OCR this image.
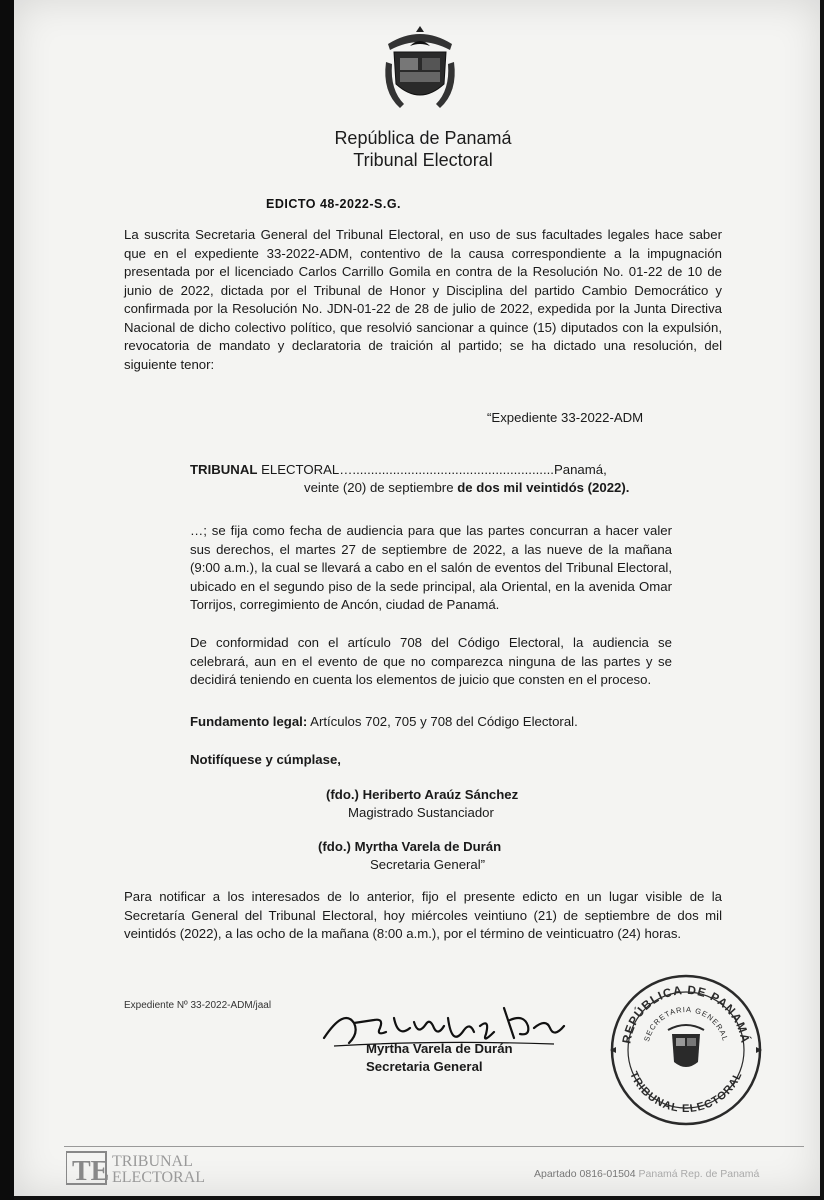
República de Panamá
Tribunal Electoral
EDICTO 48-2022-S.G.
La suscrita Secretaria General del Tribunal Electoral, en uso de sus facultades legales hace saber que en el expediente 33-2022-ADM, contentivo de la causa correspondiente a la impugnación presentada por el licenciado Carlos Carrillo Gomila en contra de la Resolución No. 01-22 de 10 de junio de 2022, dictada por el Tribunal de Honor y Disciplina del partido Cambio Democrático y confirmada por la Resolución No. JDN-01-22 de 28 de julio de 2022, expedida por la Junta Directiva Nacional de dicho colectivo político, que resolvió sancionar a quince (15) diputados con la expulsión, revocatoria de mandato y declaratoria de traición al partido; se ha dictado una resolución, del siguiente tenor:
“Expediente 33-2022-ADM
TRIBUNAL ELECTORAL….......................................................Panamá,
veinte (20) de septiembre de dos mil veintidós (2022).
…; se fija como fecha de audiencia para que las partes concurran a hacer valer sus derechos, el martes 27 de septiembre de 2022, a las nueve de la mañana (9:00 a.m.), la cual se llevará a cabo en el salón de eventos del Tribunal Electoral, ubicado en el segundo piso de la sede principal, ala Oriental, en la avenida Omar Torrijos, corregimiento de Ancón, ciudad de Panamá.
De conformidad con el artículo 708 del Código Electoral, la audiencia se celebrará, aun en el evento de que no comparezca ninguna de las partes y se decidirá teniendo en cuenta los elementos de juicio que consten en el proceso.
Fundamento legal: Artículos 702, 705 y 708 del Código Electoral.
Notifíquese y cúmplase,
(fdo.) Heriberto Araúz Sánchez
Magistrado Sustanciador
(fdo.) Myrtha Varela de Durán
Secretaria General”
Para notificar a los interesados de lo anterior, fijo el presente edicto en un lugar visible de la Secretaría General del Tribunal Electoral, hoy miércoles veintiuno (21) de septiembre de dos mil veintidós (2022), a las ocho de la mañana (8:00 a.m.), por el término de veinticuatro (24) horas.
Expediente Nº 33-2022-ADM/jaal
Myrtha Varela de Durán
Secretaria General
REPÚBLICA DE PANAMÁ
SECRETARIA GENERAL
TRIBUNAL ELECTORAL
TE TRIBUNAL
ELECTORAL	Apartado 0816-01504 Panamá Rep. de Panamá
